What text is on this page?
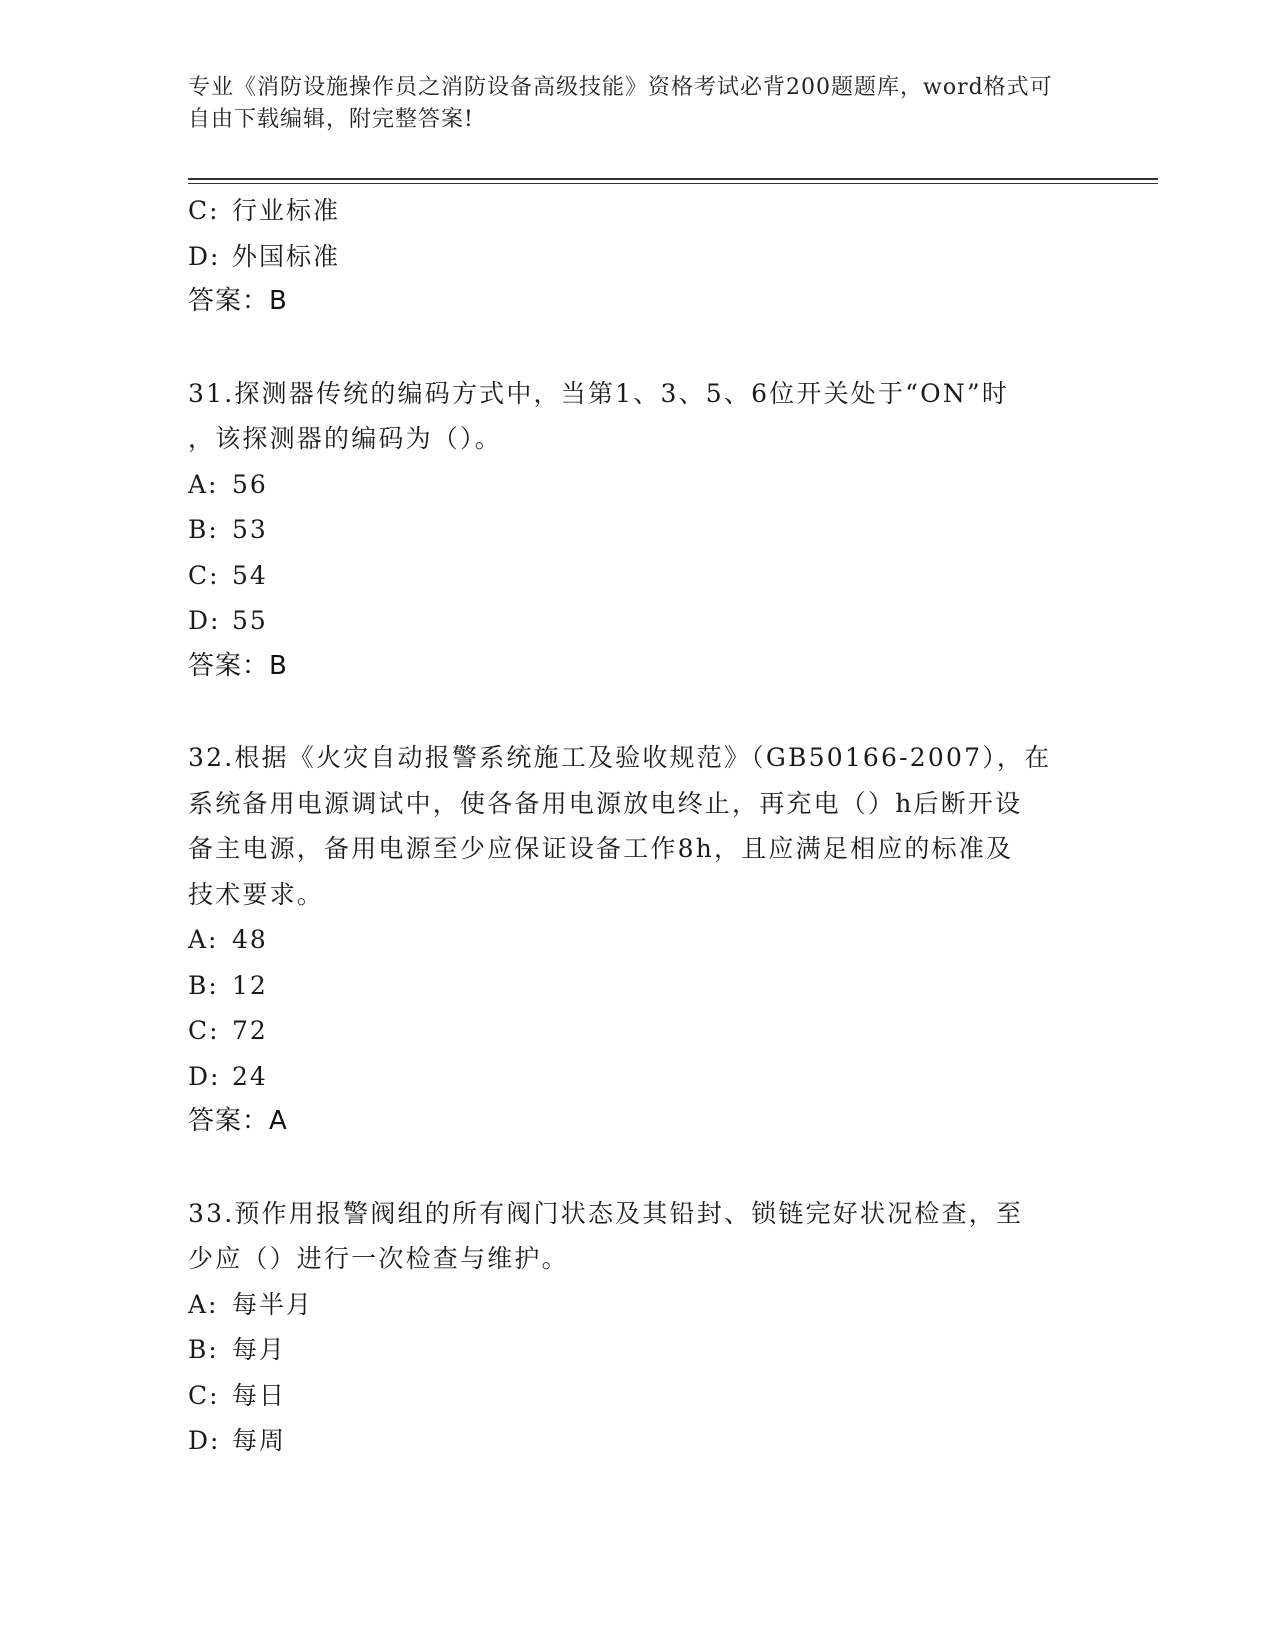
专业《消防设施操作员之消防设备高级技能》资格考试必背200题题库，word格式可自由下载编辑，附完整答案!
C: 行业标准
D: 外国标准
答案：B
31.探测器传统的编码方式中，当第1、3、5、6位开关处于“ON”时
，该探测器的编码为（）。
A: 56
B: 53
C: 54
D: 55
答案：B
32.根据《火灾自动报警系统施工及验收规范》（GB50166-2007），在
系统备用电源调试中，使各备用电源放电终止，再充电（）h后断开设
备主电源，备用电源至少应保证设备工作8h，且应满足相应的标准及
技术要求。
A: 48
B: 12
C: 72
D: 24
答案：A
33.预作用报警阀组的所有阀门状态及其铅封、锁链完好状况检查，至
少应（）进行一次检查与维护。
A: 每半月
B: 每月
C: 每日
D: 每周
